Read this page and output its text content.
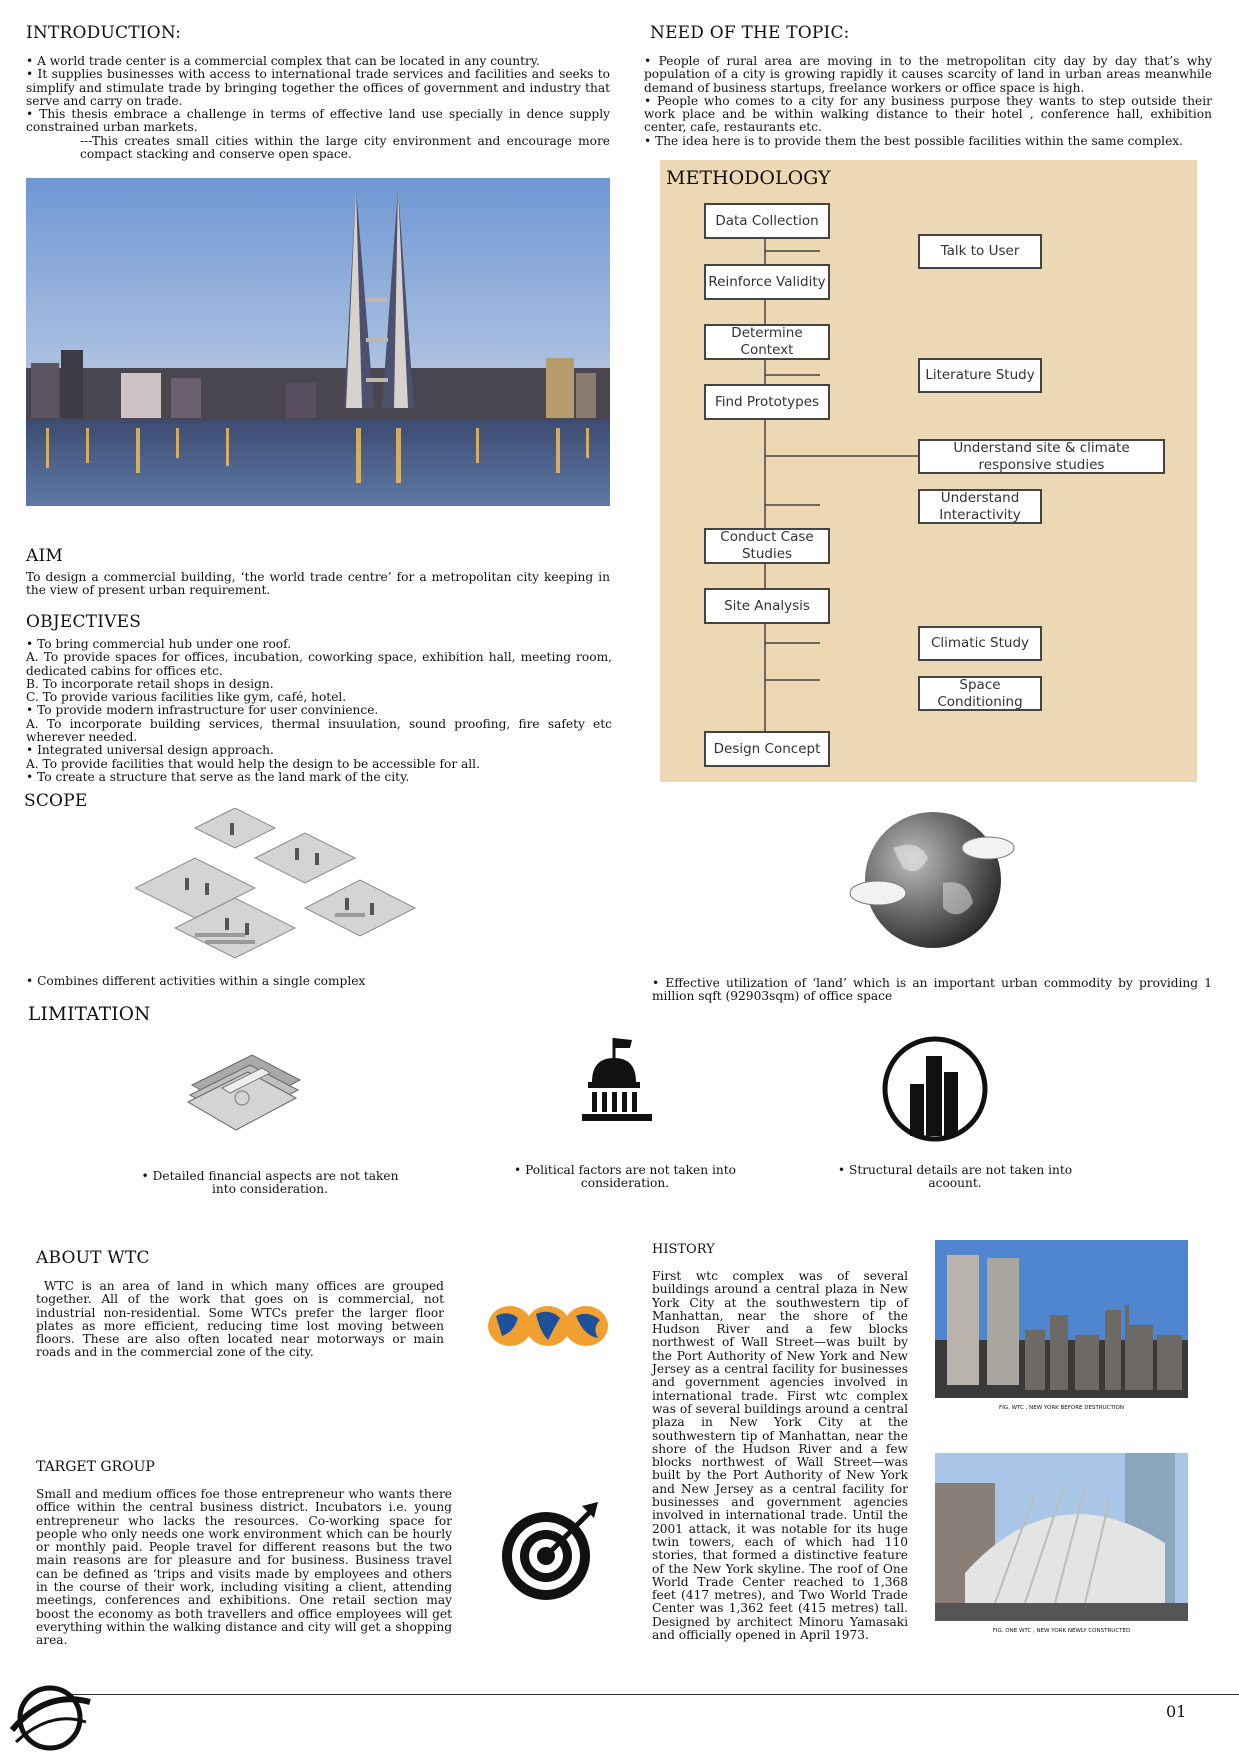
INTRODUCTION:

• A world trade center is a commercial complex that can be located in any country.

• It supplies businesses with access to international trade services and facilities and seeks to simplify and stimulate trade by bringing together the offices of government and industry that serve and carry on trade.

• This thesis embrace a challenge in terms of effective land use specially in dence supply constrained urban markets.

---This creates small cities within the large city environment and encourage more compact stacking and conserve open space.

NEED OF THE TOPIC:

• People of rural area are moving in to the metropolitan city day by day that’s why population of a city is growing rapidly it causes scarcity of land in urban areas meanwhile demand of business startups, freelance workers or office space is high.

• People who comes to a city for any business purpose they wants to step outside their work place and be within walking distance to their hotel , conference hall, exhibition center, cafe, restaurants etc.

• The idea here is to provide them the best possible facilities within the same complex.

METHODOLOGY
Data Collection
Reinforce Validity
Determine Context
Find Prototypes
Conduct Case Studies
Site Analysis
Design Concept
Talk to User
Literature Study
Understand site & climate responsive studies
Understand Interactivity
Climatic Study
Space Conditioning
AIM
To design a commercial building, ‘the world trade centre’ for a metropolitan city keeping in the view of present urban requirement.
OBJECTIVES

• To bring commercial hub under one roof.

A. To provide spaces for offices, incubation, coworking space, exhibition hall, meeting room, dedicated cabins for offices etc.

B. To incorporate retail shops in design.

C. To provide various facilities like gym, café, hotel.

• To provide modern infrastructure for user convinience.

A. To incorporate building services, thermal insuulation, sound proofing, fire safety etc wherever needed.

• Integrated universal design approach.

A. To provide facilities that would help the design to be accessible for all.

• To create a structure that serve as the land mark of the city.

SCOPE
• Combines different activities within a single complex	• Effective utilization of ‘land’ which is an important urban commodity by providing 1 million sqft (92903sqm) of office space
LIMITATION
• Detailed financial aspects are not taken into consideration.
• Political factors are not taken into consideration.
• Structural details are not taken into acoount.
ABOUT WTC
WTC is an area of land in which many offices are grouped together. All of the work that goes on is commercial, not industrial non-residential. Some WTCs prefer the larger floor plates as more efficient, reducing time lost moving between floors. These are also often located near motorways or main roads and in the commercial zone of the city.
TARGET GROUP
Small and medium offices foe those entrepreneur who wants there office within the central business district. Incubators i.e. young entrepreneur who lacks the resources. Co-working space for people who only needs one work environment which can be hourly or monthly paid. People travel for different reasons but the two main reasons are for pleasure and for business. Business travel can be defined as ‘trips and visits made by employees and others in the course of their work, including visiting a client, attending meetings, conferences and exhibitions. One retail section may boost the economy as both travellers and office employees will get everything within the walking distance and city will get a shopping area.
HISTORY
First wtc complex was of several buildings around a central plaza in New York City at the southwestern tip of Manhattan, near the shore of the Hudson River and a few blocks northwest of Wall Street—was built by the Port Authority of New York and New Jersey as a central facility for businesses and government agencies involved in international trade. First wtc complex was of several buildings around a central plaza in New York City at the southwestern tip of Manhattan, near the shore of the Hudson River and a few blocks northwest of Wall Street—was built by the Port Authority of New York and New Jersey as a central facility for businesses and government agencies involved in international trade. Until the 2001 attack, it was notable for its huge twin towers, each of which had 110 stories, that formed a distinctive feature of the New York skyline. The roof of One World Trade Center reached to 1,368 feet (417 metres), and Two World Trade Center was 1,362 feet (415 metres) tall. Designed by architect Minoru Yamasaki and officially opened in April 1973.
FIG. WTC , NEW YORK BEFORE DESTRUCTION
FIG. ONE WTC , NEW YORK NEWLY CONSTRUCTED
01
